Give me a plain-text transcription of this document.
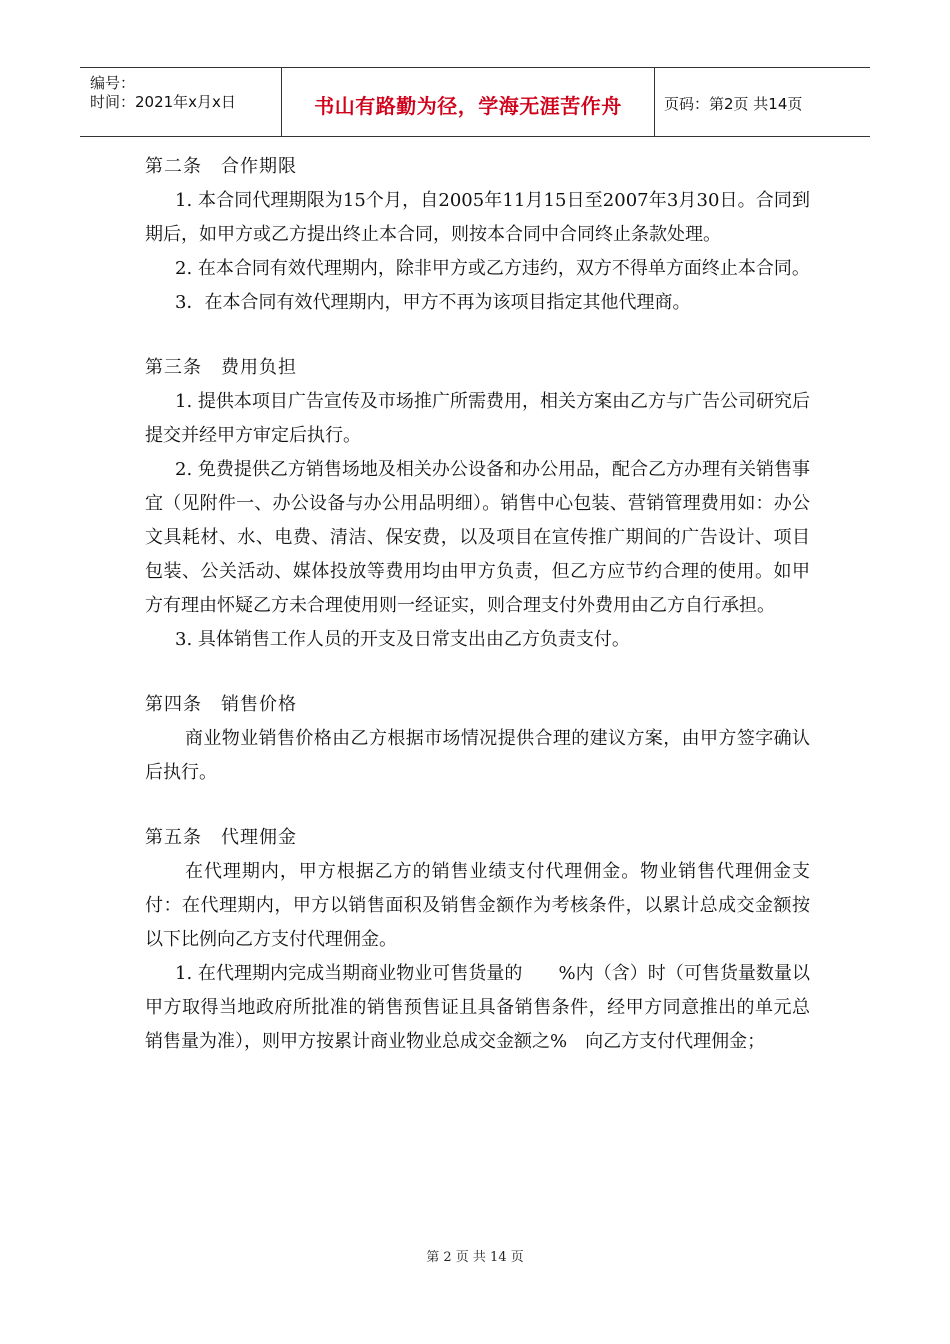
编号：
时间：2021年x月x日	书山有路勤为径，学海无涯苦作舟	页码：第2页 共14页

第二条　合作期限

1. 本合同代理期限为15个月，自2005年11月15日至2007年3月30日。合同到期后，如甲方或乙方提出终止本合同，则按本合同中合同终止条款处理。

2. 在本合同有效代理期内，除非甲方或乙方违约，双方不得单方面终止本合同。

3．在本合同有效代理期内，甲方不再为该项目指定其他代理商。

第三条　费用负担

1. 提供本项目广告宣传及市场推广所需费用，相关方案由乙方与广告公司研究后提交并经甲方审定后执行。

2. 免费提供乙方销售场地及相关办公设备和办公用品，配合乙方办理有关销售事宜（见附件一、办公设备与办公用品明细）。销售中心包装、营销管理费用如：办公文具耗材、水、电费、清洁、保安费，以及项目在宣传推广期间的广告设计、项目包装、公关活动、媒体投放等费用均由甲方负责，但乙方应节约合理的使用。如甲方有理由怀疑乙方未合理使用则一经证实，则合理支付外费用由乙方自行承担。

3. 具体销售工作人员的开支及日常支出由乙方负责支付。

第四条　销售价格

商业物业销售价格由乙方根据市场情况提供合理的建议方案，由甲方签字确认后执行。

第五条　代理佣金

在代理期内，甲方根据乙方的销售业绩支付代理佣金。物业销售代理佣金支付：在代理期内，甲方以销售面积及销售金额作为考核条件，以累计总成交金额按以下比例向乙方支付代理佣金。

1. 在代理期内完成当期商业物业可售货量的　　%内（含）时（可售货量数量以甲方取得当地政府所批准的销售预售证且具备销售条件，经甲方同意推出的单元总销售量为准），则甲方按累计商业物业总成交金额之%　向乙方支付代理佣金；

第 2 页 共 14 页
